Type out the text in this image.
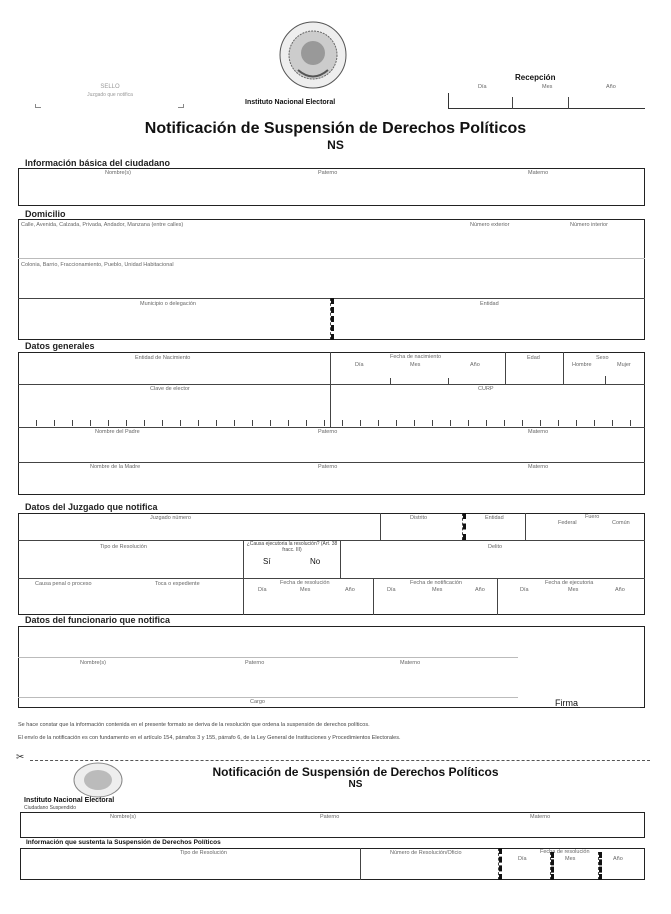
Instituto Nacional Electoral
SELLO
Juzgado que notifica
Recepción
Día	Mes	Año
Notificación de Suspensión de Derechos Políticos
NS
Información básica del ciudadano
Nombre(s)	Paterno	Materno
Domicilio
Calle, Avenida, Calzada, Privada, Andador, Manzana (entre calles)	Número exterior	Número interior
Colonia, Barrio, Fraccionamiento, Pueblo, Unidad Habitacional
Municipio o delegación	Entidad
Datos generales
Entidad de Nacimiento	Fecha de nacimiento
Día	Mes	Año
Edad	Sexo
Hombre	Mujer
Clave de elector	CURP
Nombre del Padre	Paterno	Materno
Nombre de la Madre	Paterno	Materno
Datos del Juzgado que notifica
Juzgado número	Distrito	Entidad	Fuero
Federal	Común
Tipo de Resolución	¿Causa ejecutoria la resolución? (Art. 38 fracc. III)
Sí	No
Delito
Causa penal o proceso	Toca o expediente	Fecha de resolución
Día	Mes	Año
Fecha de notificación
Día	Mes	Año
Fecha de ejecutoria
Día	Mes	Año
Datos del funcionario que notifica
Nombre(s)	Paterno	Materno
Cargo	Firma
Se hace constar que la información contenida en el presente formato se deriva de la resolución que ordena la suspensión de derechos políticos.
El envío de la notificación es con fundamento en el artículo 154, párrafos 3 y 155, párrafo 6, de la Ley General de Instituciones y Procedimientos Electorales.
✂
Notificación de Suspensión de Derechos Políticos
NS
Instituto Nacional Electoral
Ciudadano Suspendido
Nombre(s)	Paterno	Materno
Información que sustenta la Suspensión de Derechos Políticos
Tipo de Resolución	Número de Resolución/Oficio	Fecha de resolución
Día	Mes	Año
